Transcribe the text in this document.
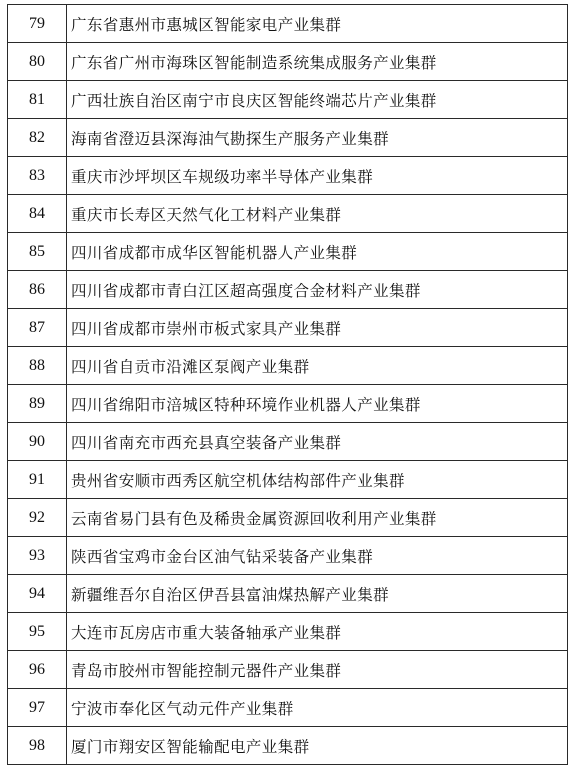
79	广东省惠州市惠城区智能家电产业集群
80	广东省广州市海珠区智能制造系统集成服务产业集群
81	广西壮族自治区南宁市良庆区智能终端芯片产业集群
82	海南省澄迈县深海油气勘探生产服务产业集群
83	重庆市沙坪坝区车规级功率半导体产业集群
84	重庆市长寿区天然气化工材料产业集群
85	四川省成都市成华区智能机器人产业集群
86	四川省成都市青白江区超高强度合金材料产业集群
87	四川省成都市崇州市板式家具产业集群
88	四川省自贡市沿滩区泵阀产业集群
89	四川省绵阳市涪城区特种环境作业机器人产业集群
90	四川省南充市西充县真空装备产业集群
91	贵州省安顺市西秀区航空机体结构部件产业集群
92	云南省易门县有色及稀贵金属资源回收利用产业集群
93	陕西省宝鸡市金台区油气钻采装备产业集群
94	新疆维吾尔自治区伊吾县富油煤热解产业集群
95	大连市瓦房店市重大装备轴承产业集群
96	青岛市胶州市智能控制元器件产业集群
97	宁波市奉化区气动元件产业集群
98	厦门市翔安区智能输配电产业集群
